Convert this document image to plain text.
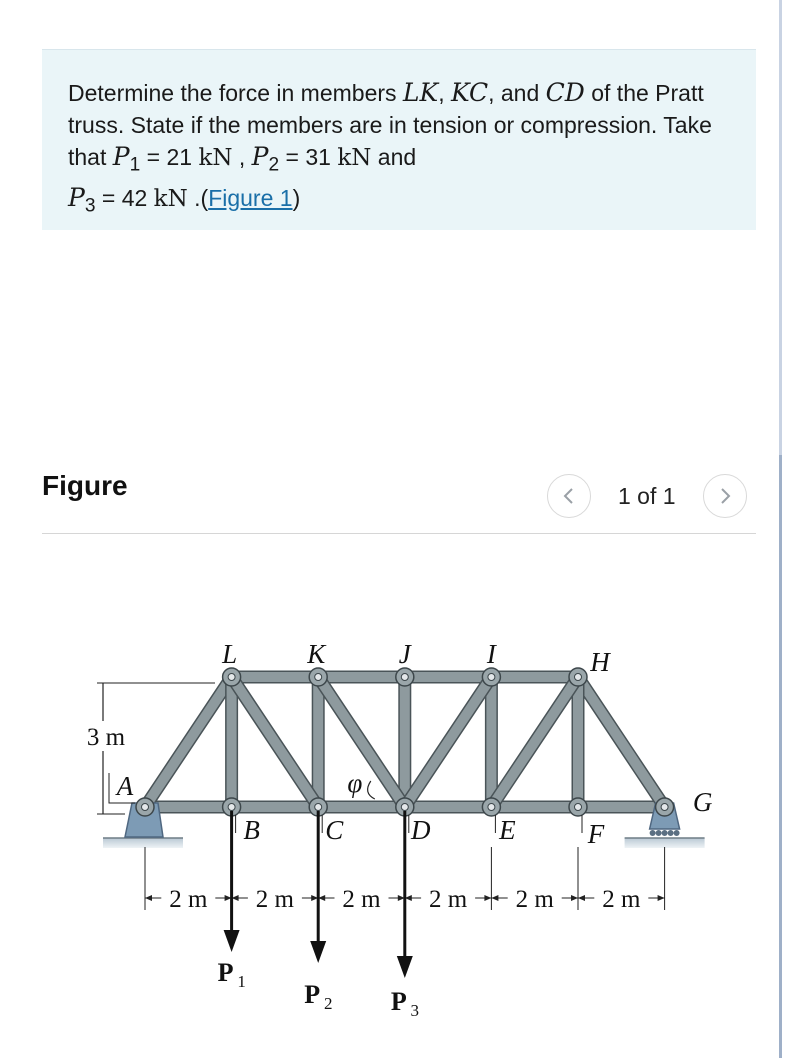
Determine the force in members LK, KC, and CD of the Pratt truss. State if the members are in tension or compression. Take that $P_1 = 21$ kN , $P_2 = 31$ kN and
$P_3 = 42$ kN .(Figure 1)
Figure	1 of 1
3 m
2 m 2 m 2 m 2 m 2 m 2 m
P 1 P 2 P 3
L	K	J	I	H
A
B C	D	E	F
G
φ
